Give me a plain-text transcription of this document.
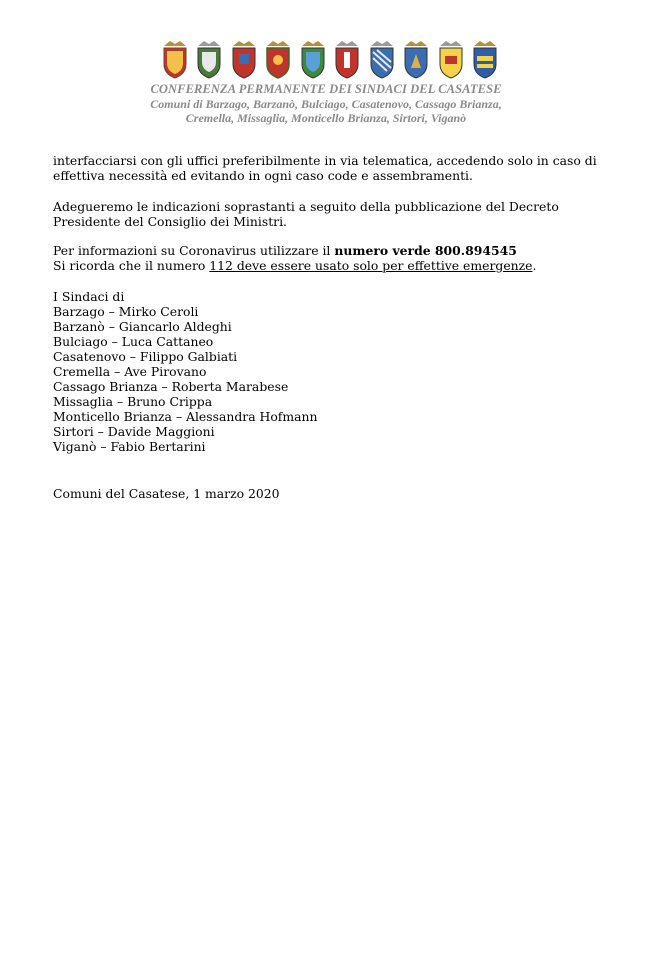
CONFERENZA PERMANENTE DEI SINDACI DEL CASATESE
Comuni di Barzago, Barzanò, Bulciago, Casatenovo, Cassago Brianza,
Cremella, Missaglia, Monticello Brianza, Sirtori, Viganò

interfacciarsi con gli uffici preferibilmente in via telematica, accedendo solo in caso di

effettiva necessità ed evitando in ogni caso code e assembramenti.

Adegueremo le indicazioni soprastanti a seguito della pubblicazione del Decreto

Presidente del Consiglio dei Ministri.

Per informazioni su Coronavirus utilizzare il numero verde 800.894545

Si ricorda che il numero 112 deve essere usato solo per effettive emergenze.

I Sindaci di

Barzago – Mirko Ceroli

Barzanò – Giancarlo Aldeghi

Bulciago – Luca Cattaneo

Casatenovo – Filippo Galbiati

Cremella – Ave Pirovano

Cassago Brianza – Roberta Marabese

Missaglia – Bruno Crippa

Monticello Brianza – Alessandra Hofmann

Sirtori – Davide Maggioni

Viganò – Fabio Bertarini

Comuni del Casatese, 1 marzo 2020
